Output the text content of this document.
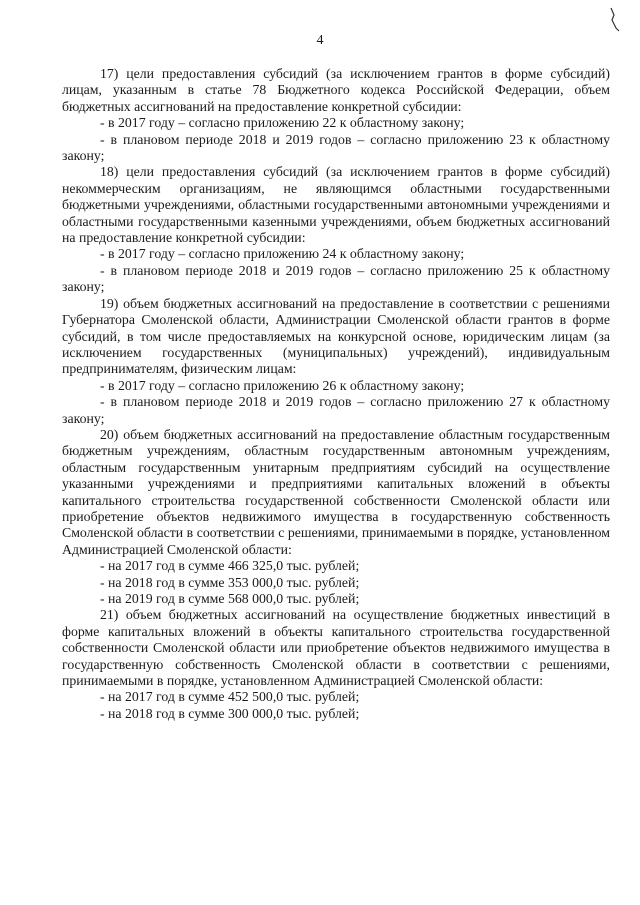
4

17) цели предоставления субсидий (за исключением грантов в форме субсидий) лицам, указанным в статье 78 Бюджетного кодекса Российской Федерации, объем бюджетных ассигнований на предоставление конкретной субсидии:

- в 2017 году – согласно приложению 22 к областному закону;

- в плановом периоде 2018 и 2019 годов – согласно приложению 23 к областному закону;

18) цели предоставления субсидий (за исключением грантов в форме субсидий) некоммерческим организациям, не являющимся областными государственными бюджетными учреждениями, областными государственными автономными учреждениями и областными государственными казенными учреждениями, объем бюджетных ассигнований на предоставление конкретной субсидии:

- в 2017 году – согласно приложению 24 к областному закону;

- в плановом периоде 2018 и 2019 годов – согласно приложению 25 к областному закону;

19) объем бюджетных ассигнований на предоставление в соответствии с решениями Губернатора Смоленской области, Администрации Смоленской области грантов в форме субсидий, в том числе предоставляемых на конкурсной основе, юридическим лицам (за исключением государственных (муниципальных) учреждений), индивидуальным предпринимателям, физическим лицам:

- в 2017 году – согласно приложению 26 к областному закону;

- в плановом периоде 2018 и 2019 годов – согласно приложению 27 к областному закону;

20) объем бюджетных ассигнований на предоставление областным государственным бюджетным учреждениям, областным государственным автономным учреждениям, областным государственным унитарным предприятиям субсидий на осуществление указанными учреждениями и предприятиями капитальных вложений в объекты капитального строительства государственной собственности Смоленской области или приобретение объектов недвижимого имущества в государственную собственность Смоленской области в соответствии с решениями, принимаемыми в порядке, установленном Администрацией Смоленской области:

- на 2017 год в сумме 466 325,0 тыс. рублей;

- на 2018 год в сумме 353 000,0 тыс. рублей;

- на 2019 год в сумме 568 000,0 тыс. рублей;

21) объем бюджетных ассигнований на осуществление бюджетных инвестиций в форме капитальных вложений в объекты капитального строительства государственной собственности Смоленской области или приобретение объектов недвижимого имущества в государственную собственность Смоленской области в соответствии с решениями, принимаемыми в порядке, установленном Администрацией Смоленской области:

- на 2017 год в сумме 452 500,0 тыс. рублей;

- на 2018 год в сумме 300 000,0 тыс. рублей;
